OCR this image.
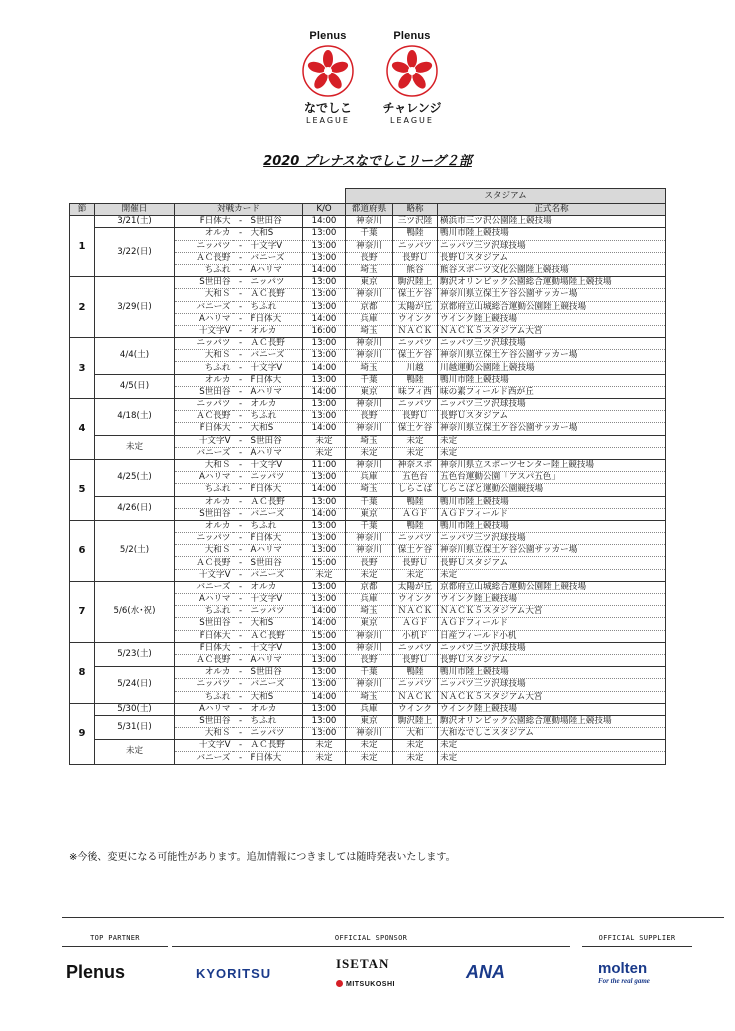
Plenus
なでしこ
LEAGUE
Plenus
チャレンジ
LEAGUE
2020 プレナスなでしこリーグ２部
						スタジアム		
節	開催日	対戦カード			K/O	都道府県	略称	正式名称
1	3/21(土)	F日体大	-	S世田谷	14:00	神奈川	三ツ沢陸	横浜市三ツ沢公園陸上競技場
	3/22(日)	オルカ	-	大和S	13:00	千葉	鴨陸	鴨川市陸上競技場
		ニッパツ	-	十文字V	13:00	神奈川	ニッパツ	ニッパツ三ツ沢球技場
		ＡＣ長野	-	バニーズ	13:00	長野	長野Ｕ	長野Ｕスタジアム
		ちふれ	-	Aハリマ	14:00	埼玉	熊谷	熊谷スポーツ文化公園陸上競技場
2	3/29(日)	S世田谷	-	ニッパツ	13:00	東京	駒沢陸上	駒沢オリンピック公園総合運動場陸上競技場
		大和Ｓ	-	ＡＣ長野	13:00	神奈川	保土ケ谷	神奈川県立保土ケ谷公園サッカー場
		バニーズ	-	ちふれ	13:00	京都	太陽が丘	京都府立山城総合運動公園陸上競技場
		Aハリマ	-	F日体大	14:00	兵庫	ウインク	ウインク陸上競技場
		十文字V	-	オルカ	16:00	埼玉	ＮＡＣＫ	ＮＡＣＫ５スタジアム大宮
3	4/4(土)	ニッパツ	-	ＡＣ長野	13:00	神奈川	ニッパツ	ニッパツ三ツ沢球技場
		大和Ｓ	-	バニーズ	13:00	神奈川	保土ケ谷	神奈川県立保土ケ谷公園サッカー場
		ちふれ	-	十文字V	14:00	埼玉	川越	川越運動公園陸上競技場
	4/5(日)	オルカ	-	F日体大	13:00	千葉	鴨陸	鴨川市陸上競技場
		S世田谷	-	Aハリマ	14:00	東京	味フィ西	味の素フィールド西が丘
4	4/18(土)	ニッパツ	-	オルカ	13:00	神奈川	ニッパツ	ニッパツ三ツ沢球技場
		ＡＣ長野	-	ちふれ	13:00	長野	長野Ｕ	長野Ｕスタジアム
		F日体大	-	大和S	14:00	神奈川	保土ケ谷	神奈川県立保土ケ谷公園サッカー場
	未定	十文字V	-	S世田谷	未定	埼玉	未定	未定
		バニーズ	-	Aハリマ	未定	未定	未定	未定
5	4/25(土)	大和Ｓ	-	十文字V	11:00	神奈川	神奈スポ	神奈川県立スポーツセンター陸上競技場
		Aハリマ	-	ニッパツ	13:00	兵庫	五色台	五色台運動公園「アスパ五色」
		ちふれ	-	F日体大	14:00	埼玉	しらこば	しらこばと運動公園競技場
	4/26(日)	オルカ	-	ＡＣ長野	13:00	千葉	鴨陸	鴨川市陸上競技場
		S世田谷	-	バニーズ	14:00	東京	ＡＧＦ	ＡＧＦフィールド
6	5/2(土)	オルカ	-	ちふれ	13:00	千葉	鴨陸	鴨川市陸上競技場
		ニッパツ	-	F日体大	13:00	神奈川	ニッパツ	ニッパツ三ツ沢球技場
		大和Ｓ	-	Aハリマ	13:00	神奈川	保土ケ谷	神奈川県立保土ケ谷公園サッカー場
		ＡＣ長野	-	S世田谷	15:00	長野	長野Ｕ	長野Ｕスタジアム
		十文字V	-	バニーズ	未定	未定	未定	未定
7	5/6(水･祝)	バニーズ	-	オルカ	13:00	京都	太陽が丘	京都府立山城総合運動公園陸上競技場
		Aハリマ	-	十文字V	13:00	兵庫	ウインク	ウインク陸上競技場
		ちふれ	-	ニッパツ	14:00	埼玉	ＮＡＣＫ	ＮＡＣＫ５スタジアム大宮
		S世田谷	-	大和S	14:00	東京	ＡＧＦ	ＡＧＦフィールド
		F日体大	-	ＡＣ長野	15:00	神奈川	小机Ｆ	日産フィールド小机
8	5/23(土)	F日体大	-	十文字V	13:00	神奈川	ニッパツ	ニッパツ三ツ沢球技場
		ＡＣ長野	-	Aハリマ	13:00	長野	長野Ｕ	長野Ｕスタジアム
	5/24(日)	オルカ	-	S世田谷	13:00	千葉	鴨陸	鴨川市陸上競技場
		ニッパツ	-	バニーズ	13:00	神奈川	ニッパツ	ニッパツ三ツ沢球技場
		ちふれ	-	大和S	14:00	埼玉	ＮＡＣＫ	ＮＡＣＫ５スタジアム大宮
9	5/30(土)	Aハリマ	-	オルカ	13:00	兵庫	ウインク	ウインク陸上競技場
	5/31(日)	S世田谷	-	ちふれ	13:00	東京	駒沢陸上	駒沢オリンピック公園総合運動場陸上競技場
		大和Ｓ	-	ニッパツ	13:00	神奈川	大和	大和なでしこスタジアム
	未定	十文字V	-	ＡＣ長野	未定	未定	未定	未定
		バニーズ	-	F日体大	未定	未定	未定	未定
※今後、変更になる可能性があります。追加情報につきましては随時発表いたします。
TOP PARTNER	OFFICIAL SPONSOR	OFFICIAL SUPPLIER
Plenus	KYORITSU
ISETAN
MITSUKOSHI
ANA	molten
For the real game
